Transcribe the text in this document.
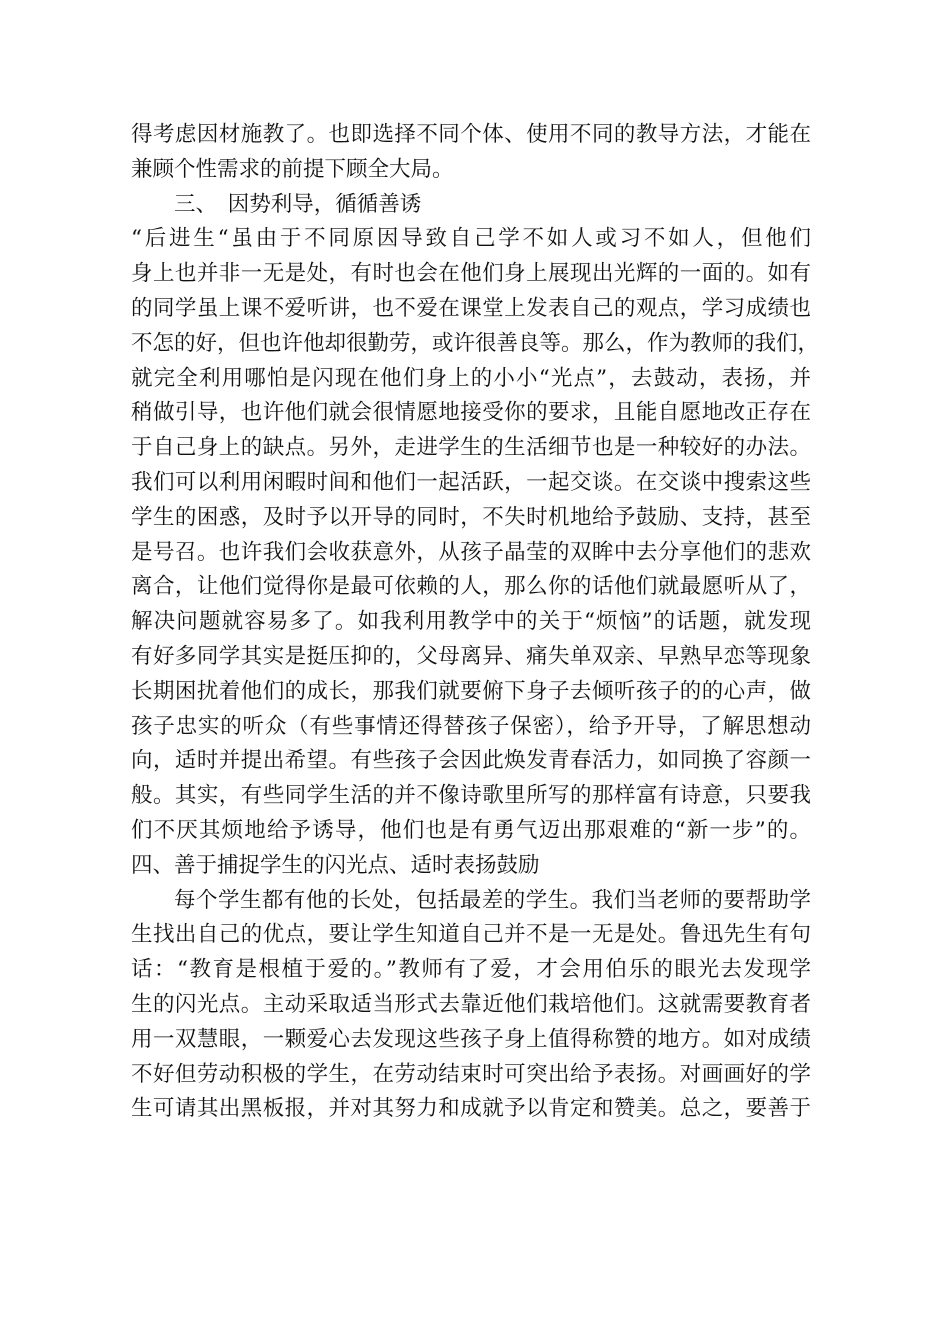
得考虑因材施教了。也即选择不同个体、使用不同的教导方法，才能在
兼顾个性需求的前提下顾全大局。
三、　因势利导，循循善诱
“后进生“虽由于不同原因导致自己学不如人或习不如人，但他们
身上也并非一无是处，有时也会在他们身上展现出光辉的一面的。如有
的同学虽上课不爱听讲，也不爱在课堂上发表自己的观点，学习成绩也
不怎的好，但也许他却很勤劳，或许很善良等。那么，作为教师的我们，
就完全利用哪怕是闪现在他们身上的小小“光点”，去鼓动，表扬，并
稍做引导，也许他们就会很情愿地接受你的要求，且能自愿地改正存在
于自己身上的缺点。另外，走进学生的生活细节也是一种较好的办法。
我们可以利用闲暇时间和他们一起活跃，一起交谈。在交谈中搜索这些
学生的困惑，及时予以开导的同时，不失时机地给予鼓励、支持，甚至
是号召。也许我们会收获意外，从孩子晶莹的双眸中去分享他们的悲欢
离合，让他们觉得你是最可依赖的人，那么你的话他们就最愿听从了，
解决问题就容易多了。如我利用教学中的关于“烦恼”的话题，就发现
有好多同学其实是挺压抑的，父母离异、痛失单双亲、早熟早恋等现象
长期困扰着他们的成长，那我们就要俯下身子去倾听孩子的的心声，做
孩子忠实的听众（有些事情还得替孩子保密），给予开导，了解思想动
向，适时并提出希望。有些孩子会因此焕发青春活力，如同换了容颜一
般。其实，有些同学生活的并不像诗歌里所写的那样富有诗意，只要我
们不厌其烦地给予诱导，他们也是有勇气迈出那艰难的“新一步”的。
四、善于捕捉学生的闪光点、适时表扬鼓励
每个学生都有他的长处，包括最差的学生。我们当老师的要帮助学
生找出自己的优点，要让学生知道自己并不是一无是处。鲁迅先生有句
话：“教育是根植于爱的。”教师有了爱，才会用伯乐的眼光去发现学
生的闪光点。主动采取适当形式去靠近他们栽培他们。这就需要教育者
用一双慧眼，一颗爱心去发现这些孩子身上值得称赞的地方。如对成绩
不好但劳动积极的学生，在劳动结束时可突出给予表扬。对画画好的学
生可请其出黑板报，并对其努力和成就予以肯定和赞美。总之，要善于
